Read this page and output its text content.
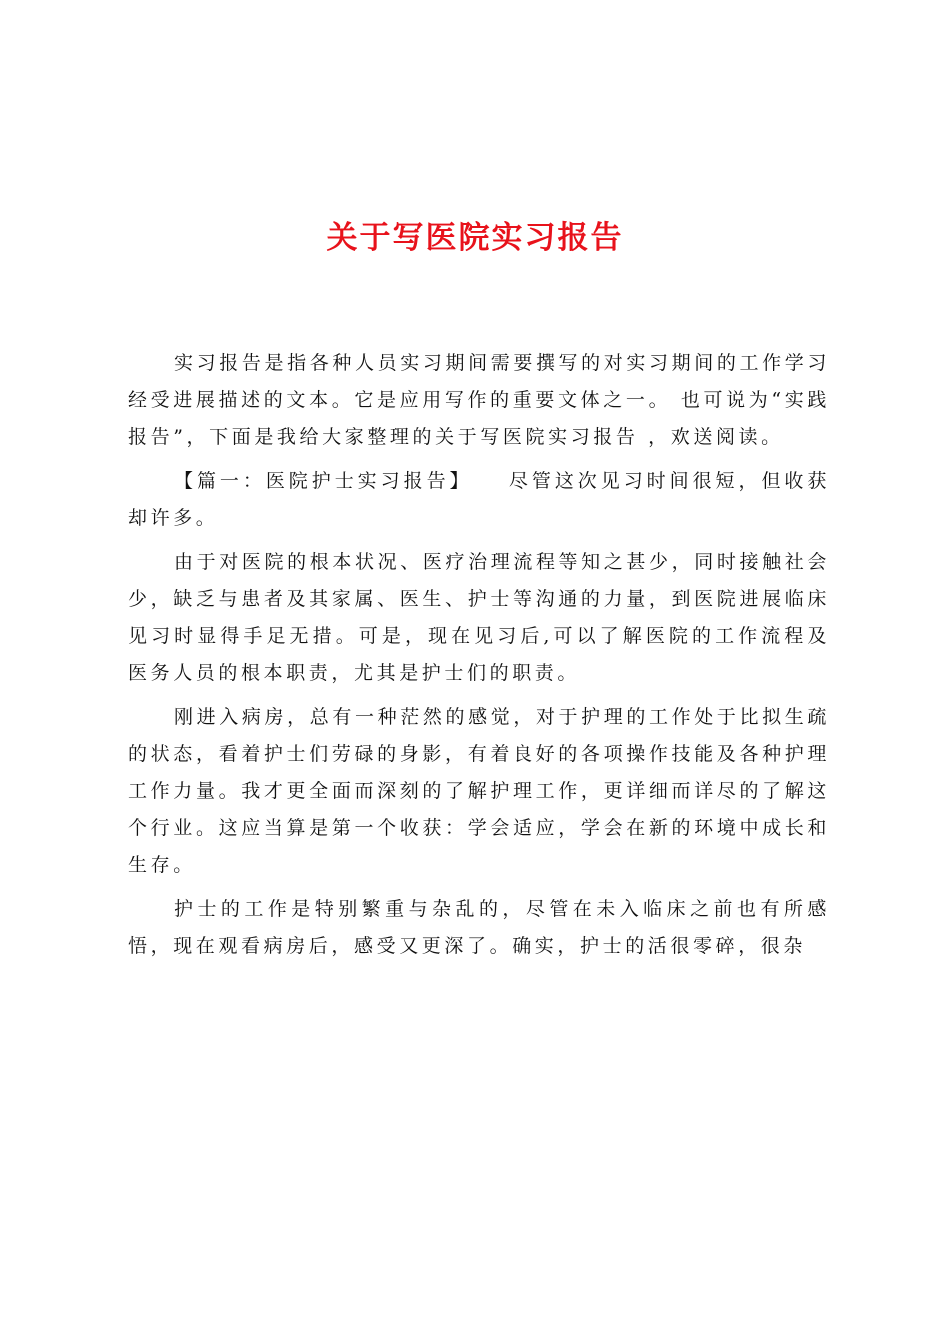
关于写医院实习报告

实习报告是指各种人员实习期间需要撰写的对实习期间的工作学习经受进展描述的文本。它是应用写作的重要文体之一。 也可说为“实践报告”，下面是我给大家整理的关于写医院实习报告 ，欢送阅读。

【篇一：医院护士实习报告】　　尽管这次见习时间很短，但收获却许多。

由于对医院的根本状况、医疗治理流程等知之甚少，同时接触社会少，缺乏与患者及其家属、医生、护士等沟通的力量，到医院进展临床见习时显得手足无措。可是，现在见习后,可以了解医院的工作流程及医务人员的根本职责，尤其是护士们的职责。

刚进入病房，总有一种茫然的感觉，对于护理的工作处于比拟生疏的状态，看着护士们劳碌的身影，有着良好的各项操作技能及各种护理工作力量。我才更全面而深刻的了解护理工作，更详细而详尽的了解这个行业。这应当算是第一个收获：学会适应，学会在新的环境中成长和生存。

护士的工作是特别繁重与杂乱的，尽管在未入临床之前也有所感悟，现在观看病房后，感受又更深了。确实，护士的活很零碎，很杂
